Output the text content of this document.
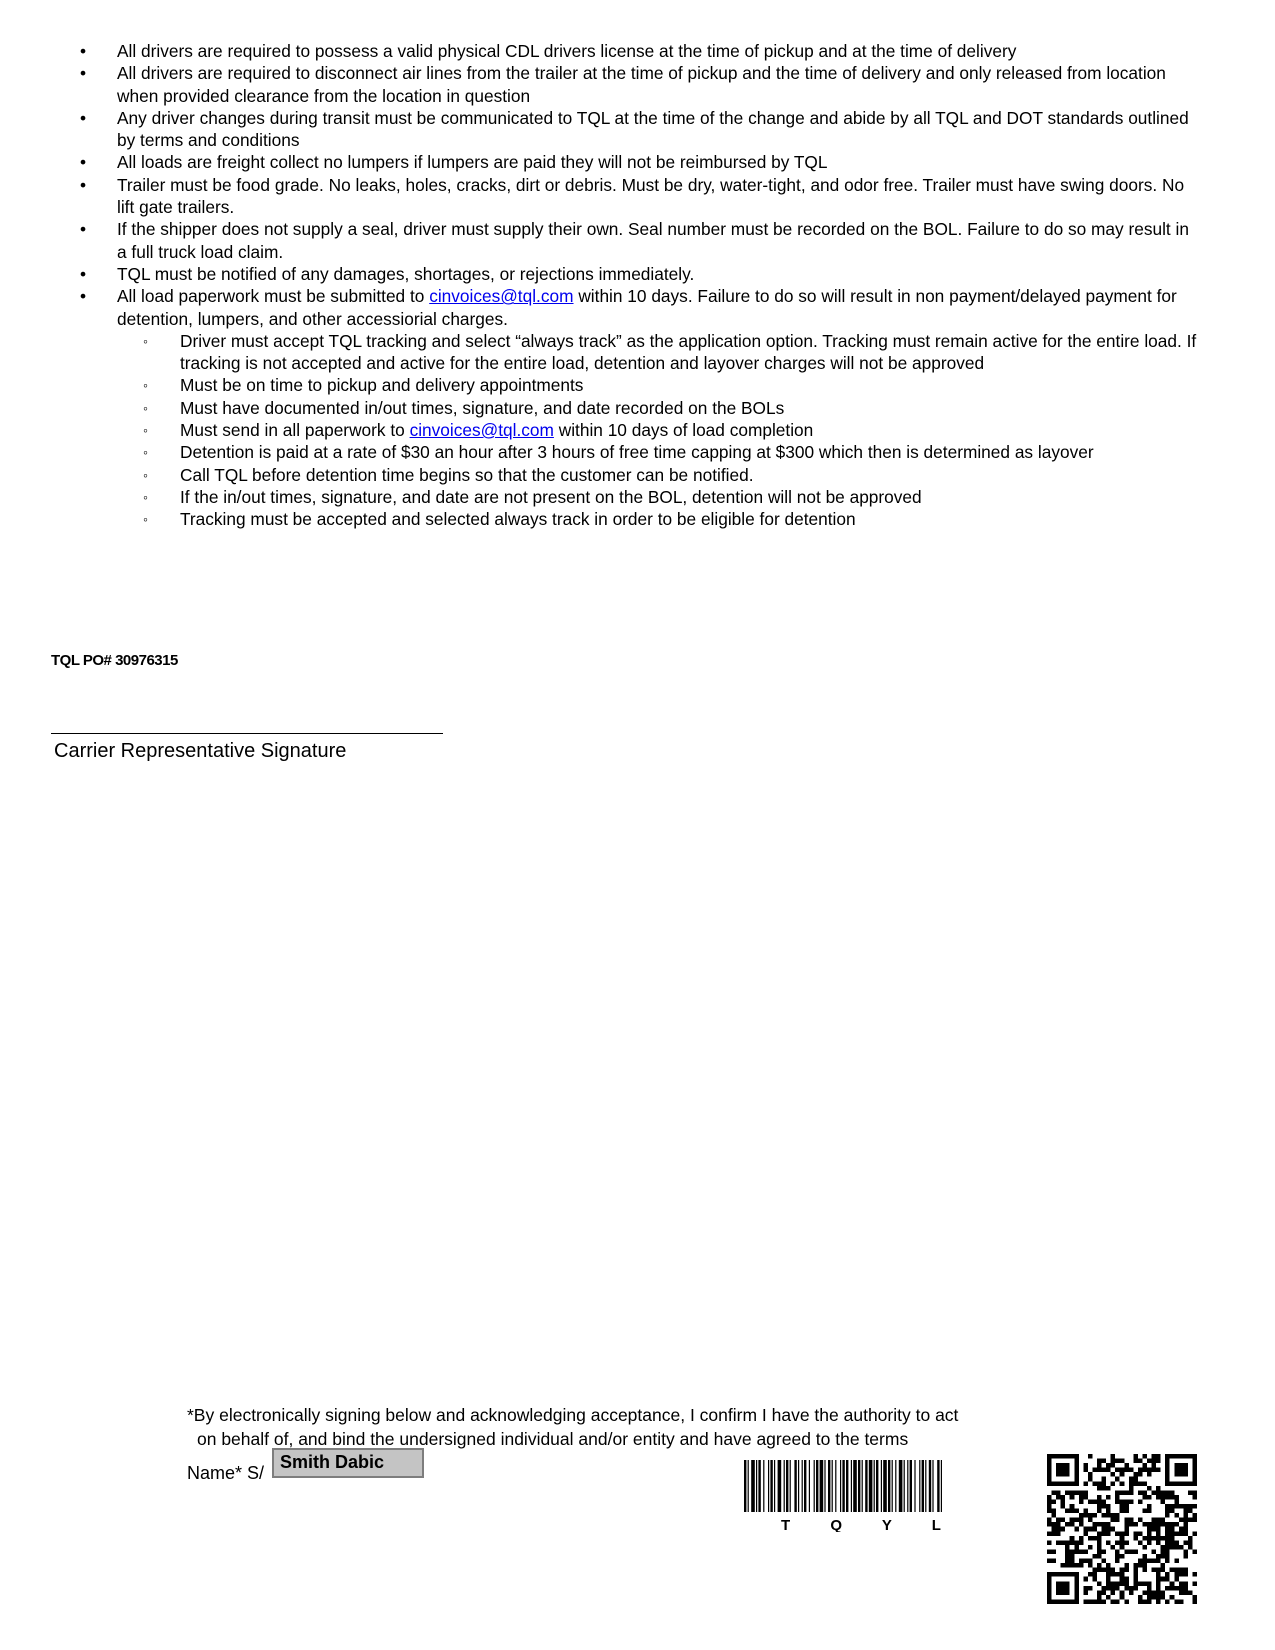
• All drivers are required to possess a valid physical CDL drivers license at the time of pickup and at the time of delivery
• All drivers are required to disconnect air lines from the trailer at the time of pickup and the time of delivery and only released from location when provided clearance from the location in question
• Any driver changes during transit must be communicated to TQL at the time of the change and abide by all TQL and DOT standards outlined by terms and conditions
• All loads are freight collect no lumpers if lumpers are paid they will not be reimbursed by TQL
• Trailer must be food grade. No leaks, holes, cracks, dirt or debris. Must be dry, water-tight, and odor free. Trailer must have swing doors. No lift gate trailers.
• If the shipper does not supply a seal, driver must supply their own. Seal number must be recorded on the BOL. Failure to do so may result in a full truck load claim.
• TQL must be notified of any damages, shortages, or rejections immediately.
• All load paperwork must be submitted to cinvoices@tql.com within 10 days. Failure to do so will result in non payment/delayed payment for detention, lumpers, and other accessiorial charges.
◦ Driver must accept TQL tracking and select “always track” as the application option. Tracking must remain active for the entire load. If tracking is not accepted and active for the entire load, detention and layover charges will not be approved
◦ Must be on time to pickup and delivery appointments
◦ Must have documented in/out times, signature, and date recorded on the BOLs
◦ Must send in all paperwork to cinvoices@tql.com within 10 days of load completion
◦ Detention is paid at a rate of $30 an hour after 3 hours of free time capping at $300 which then is determined as layover
◦ Call TQL before detention time begins so that the customer can be notified.
◦ If the in/out times, signature, and date are not present on the BOL, detention will not be approved
◦ Tracking must be accepted and selected always track in order to be eligible for detention
TQL PO# 30976315
Carrier Representative Signature
*By electronically signing below and acknowledging acceptance, I confirm I have the authority to act
on behalf of, and bind the undersigned individual and/or entity and have agreed to the terms
Name* S/
Smith Dabic
T Q Y L
